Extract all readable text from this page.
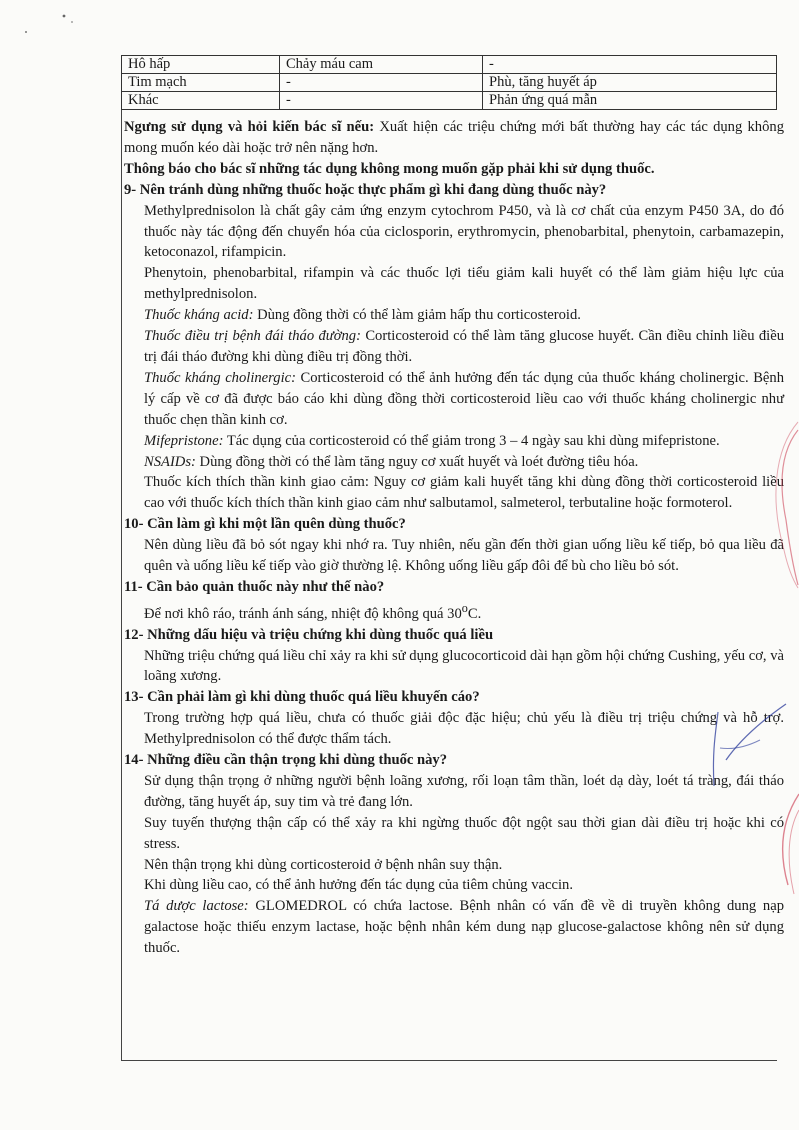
Hô hấp	Chảy máu cam	-
Tim mạch	-	Phù, tăng huyết áp
Khác	-	Phản ứng quá mẫn

Ngưng sử dụng và hỏi kiến bác sĩ nếu: Xuất hiện các triệu chứng mới bất thường hay các tác dụng không mong muốn kéo dài hoặc trở nên nặng hơn.

Thông báo cho bác sĩ những tác dụng không mong muốn gặp phải khi sử dụng thuốc.

9- Nên tránh dùng những thuốc hoặc thực phẩm gì khi đang dùng thuốc này?

Methylprednisolon là chất gây cảm ứng enzym cytochrom P450, và là cơ chất của enzym P450 3A, do đó thuốc này tác động đến chuyển hóa của ciclosporin, erythromycin, phenobarbital, phenytoin, carbamazepin, ketoconazol, rifampicin.

Phenytoin, phenobarbital, rifampin và các thuốc lợi tiểu giảm kali huyết có thể làm giảm hiệu lực của methylprednisolon.

Thuốc kháng acid: Dùng đồng thời có thể làm giảm hấp thu corticosteroid.

Thuốc điều trị bệnh đái tháo đường: Corticosteroid có thể làm tăng glucose huyết. Cần điều chỉnh liều điều trị đái tháo đường khi dùng điều trị đồng thời.

Thuốc kháng cholinergic: Corticosteroid có thể ảnh hưởng đến tác dụng của thuốc kháng cholinergic. Bệnh lý cấp về cơ đã được báo cáo khi dùng đồng thời corticosteroid liều cao với thuốc kháng cholinergic như thuốc chẹn thần kinh cơ.

Mifepristone: Tác dụng của corticosteroid có thể giảm trong 3 – 4 ngày sau khi dùng mifepristone.

NSAIDs: Dùng đồng thời có thể làm tăng nguy cơ xuất huyết và loét đường tiêu hóa.

Thuốc kích thích thần kinh giao cảm: Nguy cơ giảm kali huyết tăng khi dùng đồng thời corticosteroid liều cao với thuốc kích thích thần kinh giao cảm như salbutamol, salmeterol, terbutaline hoặc formoterol.

10- Cần làm gì khi một lần quên dùng thuốc?

Nên dùng liều đã bỏ sót ngay khi nhớ ra. Tuy nhiên, nếu gần đến thời gian uống liều kế tiếp, bỏ qua liều đã quên và uống liều kế tiếp vào giờ thường lệ. Không uống liều gấp đôi để bù cho liều bỏ sót.

11- Cần bảo quản thuốc này như thế nào?

Để nơi khô ráo, tránh ánh sáng, nhiệt độ không quá 30$^o$C.

12- Những dấu hiệu và triệu chứng khi dùng thuốc quá liều

Những triệu chứng quá liều chỉ xảy ra khi sử dụng glucocorticoid dài hạn gồm hội chứng Cushing, yếu cơ, và loãng xương.

13- Cần phải làm gì khi dùng thuốc quá liều khuyến cáo?

Trong trường hợp quá liều, chưa có thuốc giải độc đặc hiệu; chủ yếu là điều trị triệu chứng và hỗ trợ. Methylprednisolon có thể được thẩm tách.

14- Những điều cần thận trọng khi dùng thuốc này?

Sử dụng thận trọng ở những người bệnh loãng xương, rối loạn tâm thần, loét dạ dày, loét tá tràng, đái tháo đường, tăng huyết áp, suy tim và trẻ đang lớn.

Suy tuyến thượng thận cấp có thể xảy ra khi ngừng thuốc đột ngột sau thời gian dài điều trị hoặc khi có stress.

Nên thận trọng khi dùng corticosteroid ở bệnh nhân suy thận.

Khi dùng liều cao, có thể ảnh hưởng đến tác dụng của tiêm chủng vaccin.

Tá dược lactose: GLOMEDROL có chứa lactose. Bệnh nhân có vấn đề về di truyền không dung nạp galactose hoặc thiếu enzym lactase, hoặc bệnh nhân kém dung nạp glucose-galactose không nên sử dụng thuốc.
